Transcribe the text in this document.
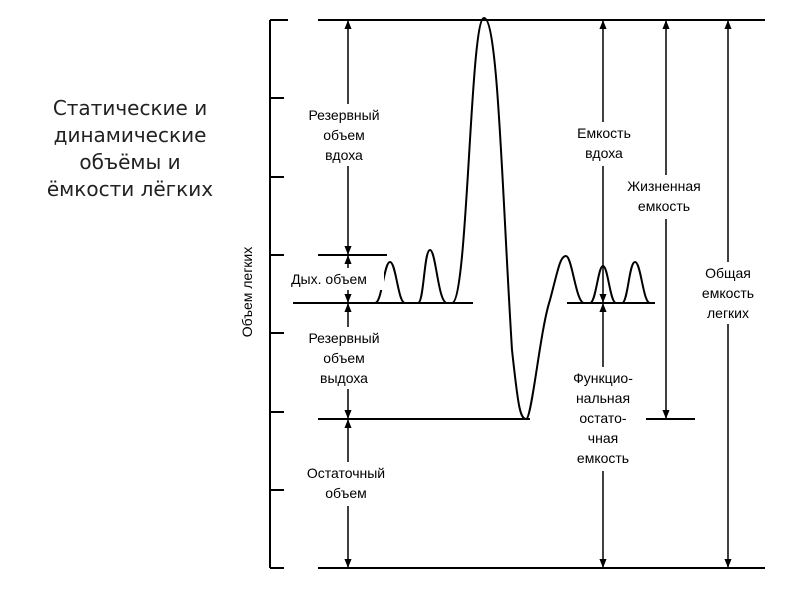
Статические и
динамические
объёмы и
ёмкости лёгких
Объем легких
Резервный
объем
вдоха
Дых. объем
Резервный
объем
выдоха
Остаточный
объем
Емкость
вдоха
Жизненная
емкость
Функцио-
нальная
остато-
чная
емкость
Общая
емкость
легких
